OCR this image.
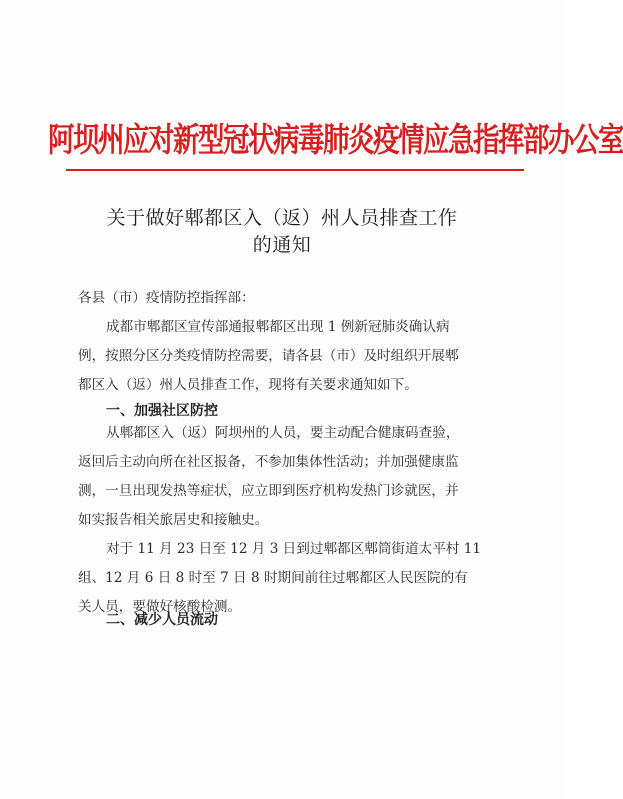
阿坝州应对新型冠状病毒肺炎疫情应急指挥部办公室
关于做好郫都区入（返）州人员排查工作
的通知
各县（市）疫情防控指挥部：
成都市郫都区宣传部通报郫都区出现 1 例新冠肺炎确认病
例，按照分区分类疫情防控需要，请各县（市）及时组织开展郫
都区入（返）州人员排查工作，现将有关要求通知如下。
一、加强社区防控
从郫都区入（返）阿坝州的人员，要主动配合健康码查验，
返回后主动向所在社区报备，不参加集体性活动；并加强健康监
测，一旦出现发热等症状，应立即到医疗机构发热门诊就医，并
如实报告相关旅居史和接触史。
对于 11 月 23 日至 12 月 3 日到过郫都区郫筒街道太平村 11
组、12 月 6 日 8 时至 7 日 8 时期间前往过郫都区人民医院的有
关人员，要做好核酸检测。
二、减少人员流动
